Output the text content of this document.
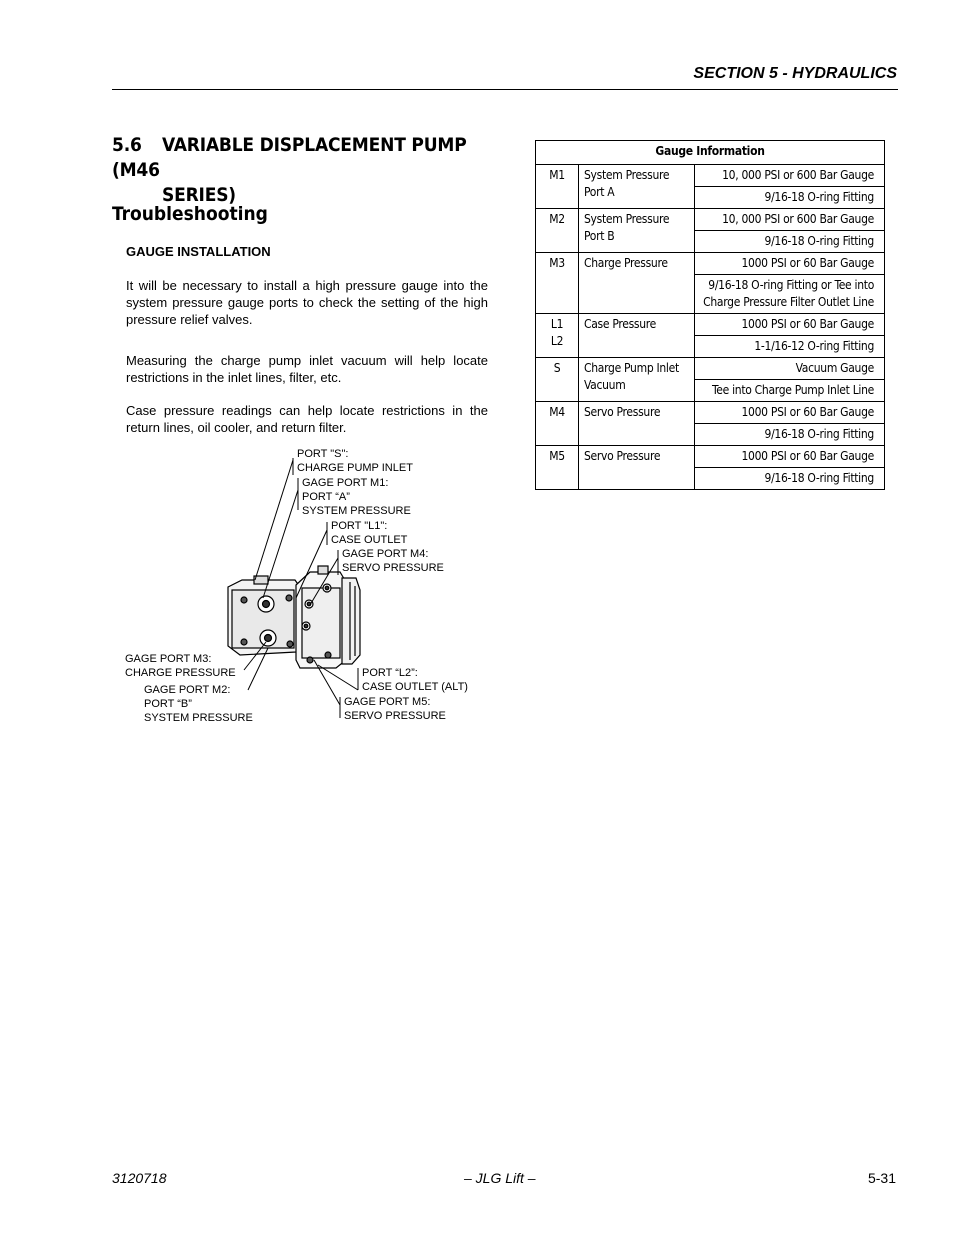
SECTION 5 - HYDRAULICS
5.6 VARIABLE DISPLACEMENT PUMP (M46
SERIES)
Troubleshooting
GAUGE INSTALLATION
It will be necessary to install a high pressure gauge into the system pressure gauge ports to check the setting of the high pressure relief valves.
Measuring the charge pump inlet vacuum will help locate restrictions in the inlet lines, filter, etc.
Case pressure readings can help locate restrictions in the return lines, oil cooler, and return filter.
PORT "S":
CHARGE PUMP INLET
GAGE PORT M1:
PORT “A”
SYSTEM PRESSURE
PORT "L1":
CASE OUTLET
GAGE PORT M4:
SERVO PRESSURE
GAGE PORT M3:
CHARGE PRESSURE
GAGE PORT M2:
PORT “B”
SYSTEM PRESSURE
PORT “L2”:
CASE OUTLET (ALT)
GAGE PORT M5:
SERVO PRESSURE
Gauge Information		
M1	System Pressure Port A	10, 000 PSI or 600 Bar Gauge
		9/16-18 O-ring Fitting
M2	System Pressure Port B	10, 000 PSI or 600 Bar Gauge
		9/16-18 O-ring Fitting
M3	Charge Pressure	1000 PSI or 60 Bar Gauge
		9/16-18 O-ring Fitting or Tee into Charge Pressure Filter Outlet Line
L1
L2	Case Pressure	1000 PSI or 60 Bar Gauge
		1-1/16-12 O-ring Fitting
S	Charge Pump Inlet Vacuum	Vacuum Gauge
		Tee into Charge Pump Inlet Line
M4	Servo Pressure	1000 PSI or 60 Bar Gauge
		9/16-18 O-ring Fitting
M5	Servo Pressure	1000 PSI or 60 Bar Gauge
		9/16-18 O-ring Fitting
3120718	– JLG Lift –	5-31
